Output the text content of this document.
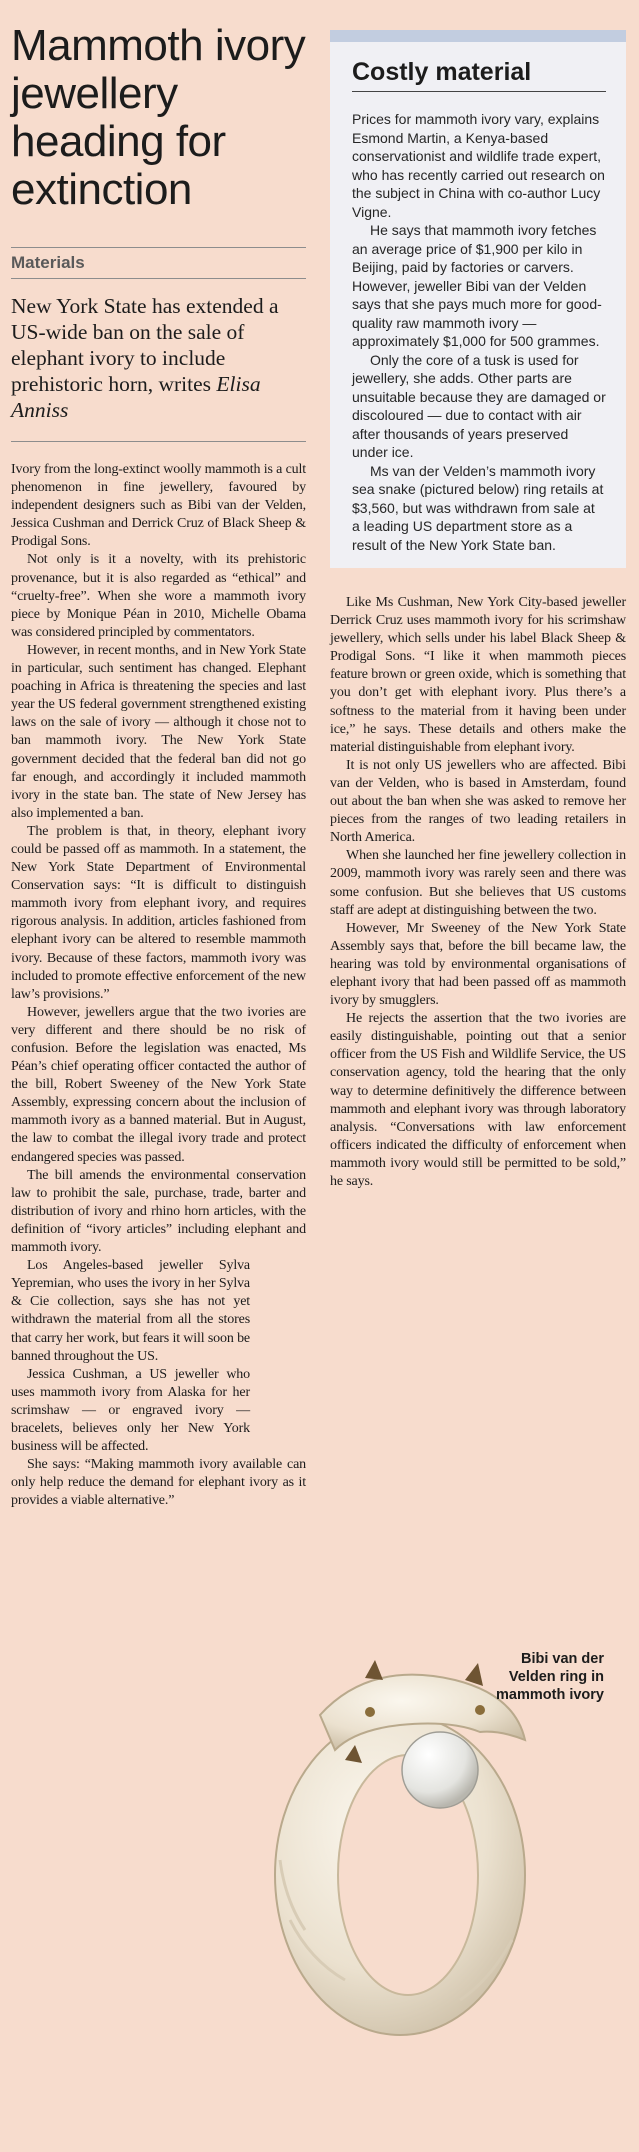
Mammoth ivory jewellery heading for extinction
Materials
New York State has extended a US-wide ban on the sale of elephant ivory to include prehistoric horn, writes Elisa Anniss

Ivory from the long-extinct woolly mammoth is a cult phenomenon in fine jewellery, favoured by independent designers such as Bibi van der Velden, Jessica Cushman and Derrick Cruz of Black Sheep & Prodigal Sons.

Not only is it a novelty, with its prehistoric provenance, but it is also regarded as “ethical” and “cruelty-free”. When she wore a mammoth ivory piece by Monique Péan in 2010, Michelle Obama was considered principled by commentators.

However, in recent months, and in New York State in particular, such sentiment has changed. Elephant poaching in Africa is threatening the species and last year the US federal government strengthened existing laws on the sale of ivory — although it chose not to ban mammoth ivory. The New York State government decided that the federal ban did not go far enough, and accordingly it included mammoth ivory in the state ban. The state of New Jersey has also implemented a ban.

The problem is that, in theory, elephant ivory could be passed off as mammoth. In a statement, the New York State Department of Environmental Conservation says: “It is difficult to distinguish mammoth ivory from elephant ivory, and requires rigorous analysis. In addition, articles fashioned from elephant ivory can be altered to resemble mammoth ivory. Because of these factors, mammoth ivory was included to promote effective enforcement of the new law’s provisions.”

However, jewellers argue that the two ivories are very different and there should be no risk of confusion. Before the legislation was enacted, Ms Péan’s chief operating officer contacted the author of the bill, Robert Sweeney of the New York State Assembly, expressing concern about the inclusion of mammoth ivory as a banned material. But in August, the law to combat the illegal ivory trade and protect endangered species was passed.

The bill amends the environmental conservation law to prohibit the sale, purchase, trade, barter and distribution of ivory and rhino horn articles, with the definition of “ivory articles” including elephant and mammoth ivory.

Los Angeles-based jeweller Sylva Yepremian, who uses the ivory in her Sylva & Cie collection, says she has not yet withdrawn the material from all the stores that carry her work, but fears it will soon be banned throughout the US.

Jessica Cushman, a US jeweller who uses mammoth ivory from Alaska for her scrimshaw — or engraved ivory — bracelets, believes only her New York business will be affected.

She says: “Making mammoth ivory available can only help reduce the demand for elephant ivory as it provides a viable alternative.”

Costly material

Prices for mammoth ivory vary, explains Esmond Martin, a Kenya-based conservationist and wildlife trade expert, who has recently carried out research on the subject in China with co-author Lucy Vigne.

He says that mammoth ivory fetches an average price of $1,900 per kilo in Beijing, paid by factories or carvers. However, jeweller Bibi van der Velden says that she pays much more for good-quality raw mammoth ivory — approximately $1,000 for 500 grammes.

Only the core of a tusk is used for jewellery, she adds. Other parts are unsuitable because they are damaged or discoloured — due to contact with air after thousands of years preserved under ice.

Ms van der Velden’s mammoth ivory sea snake (pictured below) ring retails at $3,560, but was withdrawn from sale at a leading US department store as a result of the New York State ban.

Like Ms Cushman, New York City-based jeweller Derrick Cruz uses mammoth ivory for his scrimshaw jewellery, which sells under his label Black Sheep & Prodigal Sons. “I like it when mammoth pieces feature brown or green oxide, which is something that you don’t get with elephant ivory. Plus there’s a softness to the material from it having been under ice,” he says. These details and others make the material distinguishable from elephant ivory.

It is not only US jewellers who are affected. Bibi van der Velden, who is based in Amsterdam, found out about the ban when she was asked to remove her pieces from the ranges of two leading retailers in North America.

When she launched her fine jewellery collection in 2009, mammoth ivory was rarely seen and there was some confusion. But she believes that US customs staff are adept at distinguishing between the two.

However, Mr Sweeney of the New York State Assembly says that, before the bill became law, the hearing was told by environmental organisations of elephant ivory that had been passed off as mammoth ivory by smugglers.

He rejects the assertion that the two ivories are easily distinguishable, pointing out that a senior officer from the US Fish and Wildlife Service, the US conservation agency, told the hearing that the only way to determine definitively the difference between mammoth and elephant ivory was through laboratory analysis. “Conversations with law enforcement officers indicated the difficulty of enforcement when mammoth ivory would still be permitted to be sold,” he says.

Bibi van der Velden ring in mammoth ivory
